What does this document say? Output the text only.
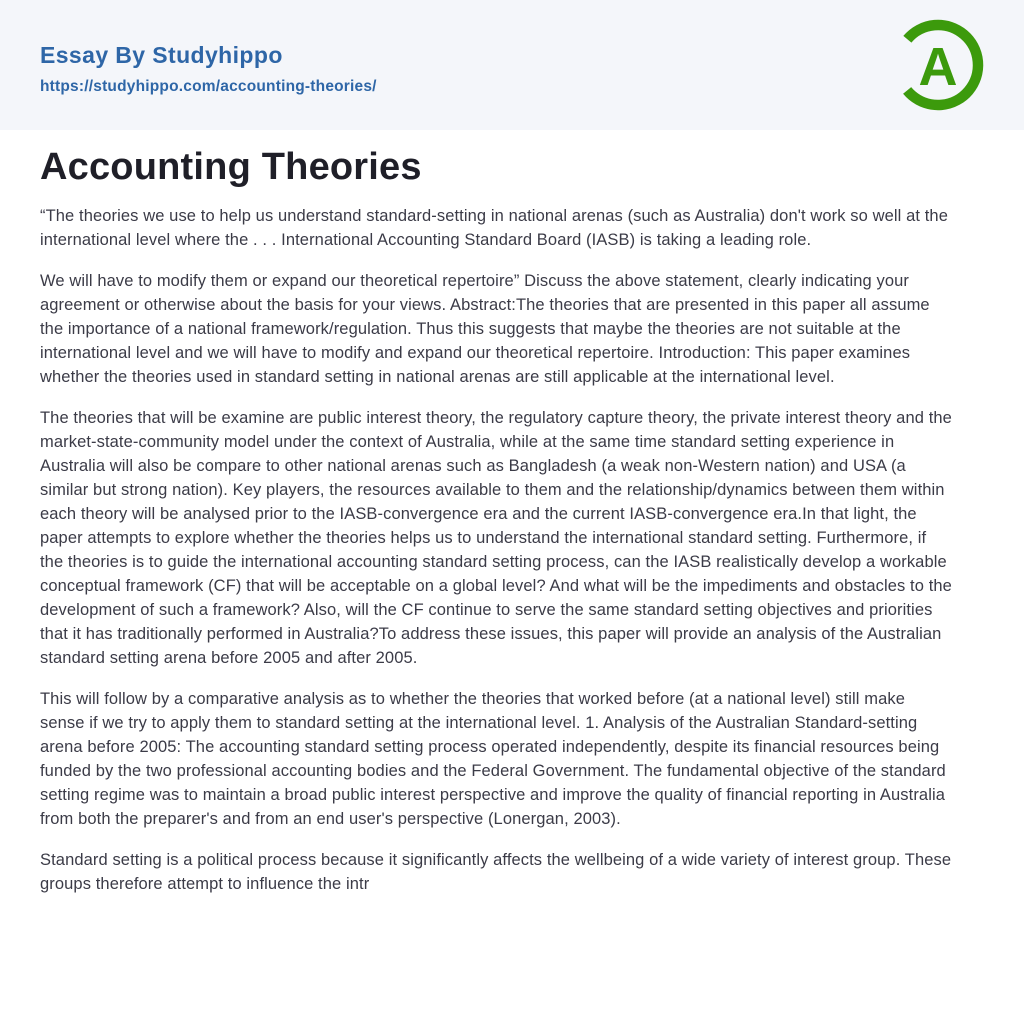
Essay By Studyhippo
https://studyhippo.com/accounting-theories/	A
Accounting Theories

“The theories we use to help us understand standard-setting in national arenas (such as Australia) don't work so well at the international level where the . . . International Accounting Standard Board (IASB) is taking a leading role.

We will have to modify them or expand our theoretical repertoire” Discuss the above statement, clearly indicating your agreement or otherwise about the basis for your views. Abstract:The theories that are presented in this paper all assume the importance of a national framework/regulation. Thus this suggests that maybe the theories are not suitable at the international level and we will have to modify and expand our theoretical repertoire. Introduction: This paper examines whether the theories used in standard setting in national arenas are still applicable at the international level.

The theories that will be examine are public interest theory, the regulatory capture theory, the private interest theory and the market-state-community model under the context of Australia, while at the same time standard setting experience in Australia will also be compare to other national arenas such as Bangladesh (a weak non-Western nation) and USA (a similar but strong nation). Key players, the resources available to them and the relationship/dynamics between them within each theory will be analysed prior to the IASB-convergence era and the current IASB-convergence era.In that light, the paper attempts to explore whether the theories helps us to understand the international standard setting. Furthermore, if the theories is to guide the international accounting standard setting process, can the IASB realistically develop a workable conceptual framework (CF) that will be acceptable on a global level? And what will be the impediments and obstacles to the development of such a framework? Also, will the CF continue to serve the same standard setting objectives and priorities that it has traditionally performed in Australia?To address these issues, this paper will provide an analysis of the Australian standard setting arena before 2005 and after 2005.

This will follow by a comparative analysis as to whether the theories that worked before (at a national level) still make sense if we try to apply them to standard setting at the international level. 1. Analysis of the Australian Standard-setting arena before 2005: The accounting standard setting process operated independently, despite its financial resources being funded by the two professional accounting bodies and the Federal Government. The fundamental objective of the standard setting regime was to maintain a broad public interest perspective and improve the quality of financial reporting in Australia from both the preparer's and from an end user's perspective (Lonergan, 2003).

Standard setting is a political process because it significantly affects the wellbeing of a wide variety of interest group. These groups therefore attempt to influence the intr
